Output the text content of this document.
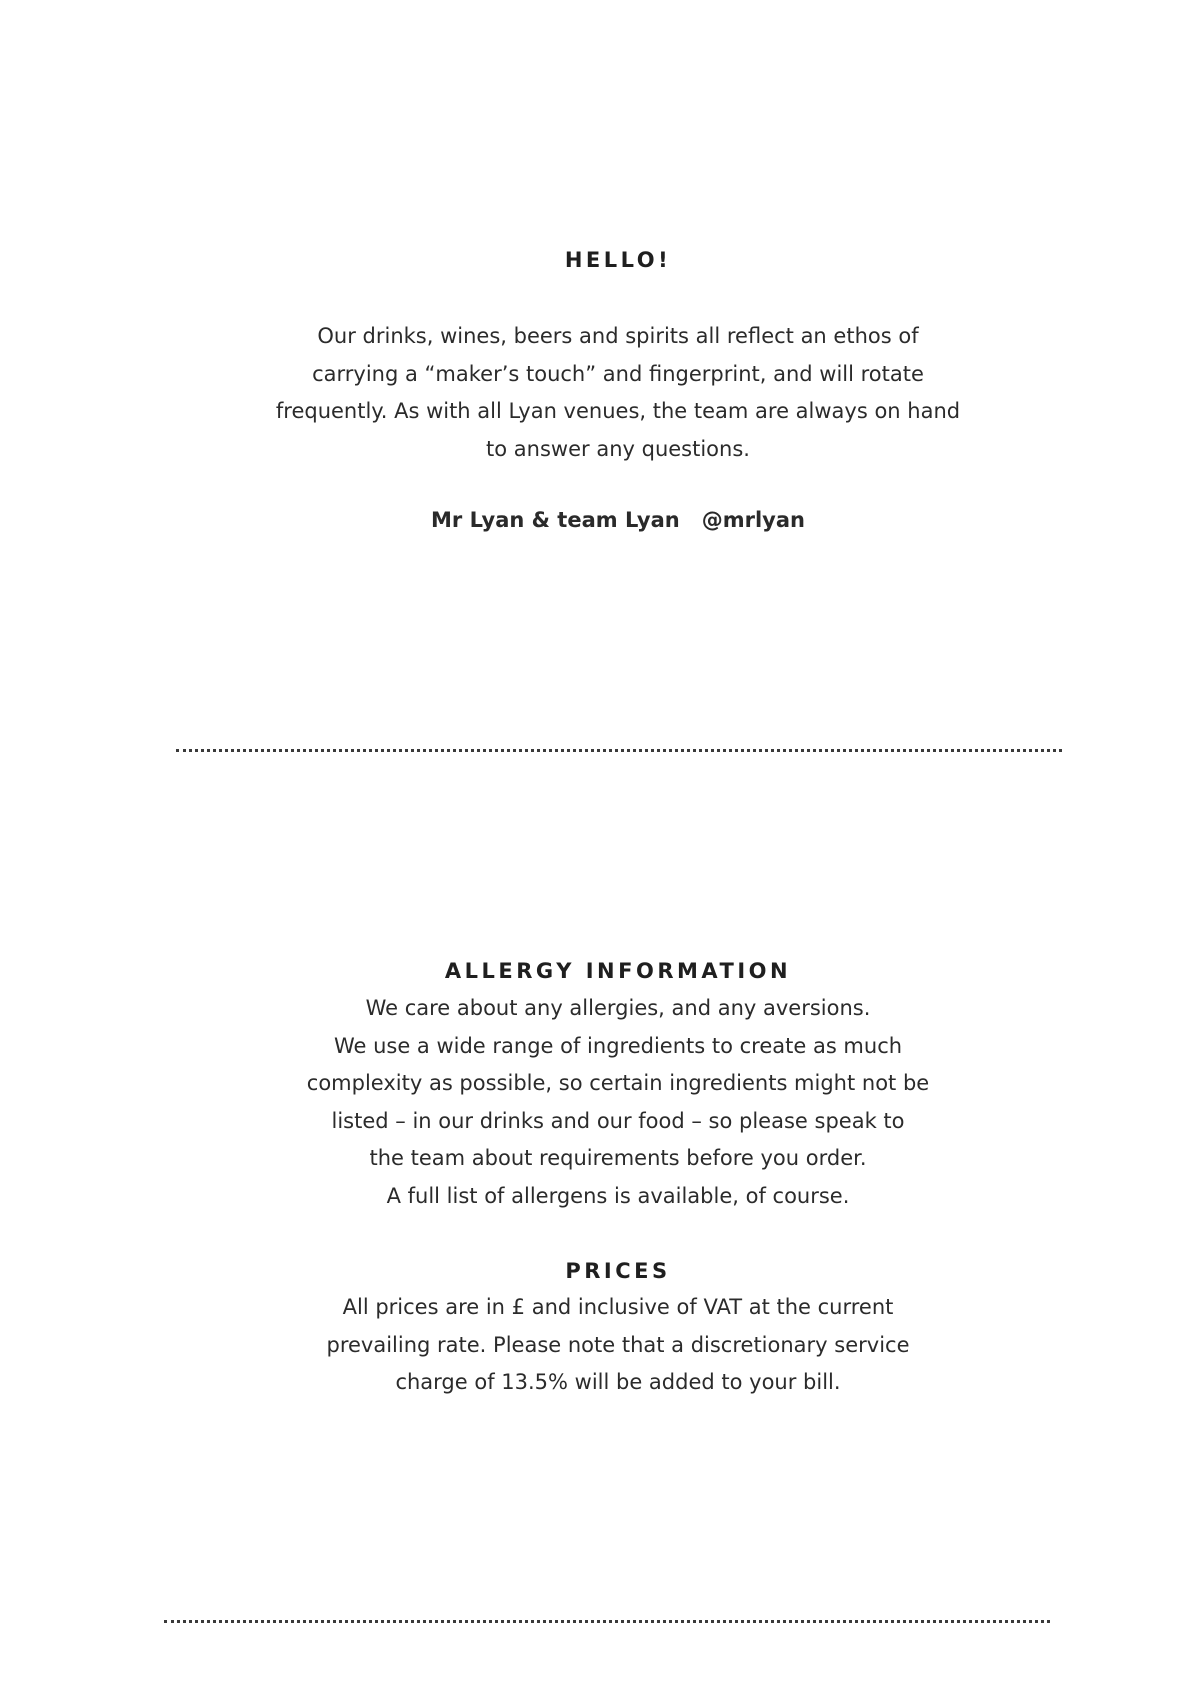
HELLO!
Our drinks, wines, beers and spirits all reflect an ethos of
carrying a “maker’s touch” and fingerprint, and will rotate
frequently. As with all Lyan venues, the team are always on hand
to answer any questions.
Mr Lyan & team Lyan @mrlyan
ALLERGY INFORMATION
We care about any allergies, and any aversions.
We use a wide range of ingredients to create as much
complexity as possible, so certain ingredients might not be
listed – in our drinks and our food – so please speak to
the team about requirements before you order.
A full list of allergens is available, of course.
PRICES
All prices are in £ and inclusive of VAT at the current
prevailing rate. Please note that a discretionary service
charge of 13.5% will be added to your bill.
